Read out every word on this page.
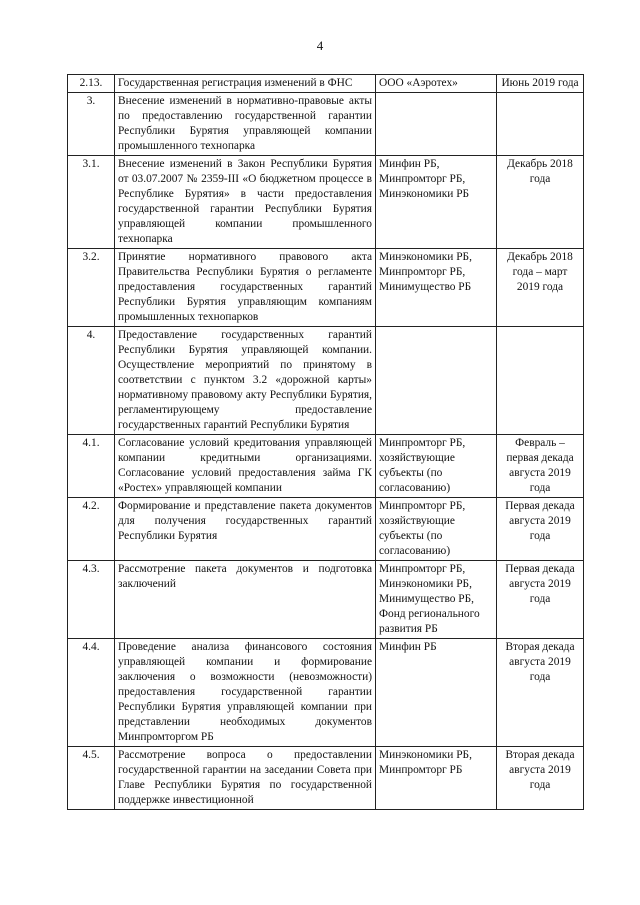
4
2.13.	Государственная регистрация изменений в ФНС	ООО «Аэротех»	Июнь 2019 года
3.	Внесение изменений в нормативно-правовые акты по предоставлению государственной гарантии Республики Бурятия управляющей компании промышленного технопарка		
3.1.	Внесение изменений в Закон Республики Бурятия от 03.07.2007 № 2359-III «О бюджетном процессе в Республике Бурятия» в части предоставления государственной гарантии Республики Бурятия управляющей компании промышленного технопарка	Минфин РБ, Минпромторг РБ, Минэкономики РБ	Декабрь 2018 года
3.2.	Принятие нормативного правового акта Правительства Республики Бурятия о регламенте предоставления государственных гарантий Республики Бурятия управляющим компаниям промышленных технопарков	Минэкономики РБ, Минпромторг РБ, Минимущество РБ	Декабрь 2018 года – март 2019 года
4.	Предоставление государственных гарантий Республики Бурятия управляющей компании. Осуществление мероприятий по принятому в соответствии с пунктом 3.2 «дорожной карты» нормативному правовому акту Республики Бурятия, регламентирующему предоставление государственных гарантий Республики Бурятия		
4.1.	Согласование условий кредитования управляющей компании кредитными организациями. Согласование условий предоставления займа ГК «Ростех» управляющей компании	Минпромторг РБ, хозяйствующие субъекты (по согласованию)	Февраль – первая декада августа 2019 года
4.2.	Формирование и представление пакета документов для получения государственных гарантий Республики Бурятия	Минпромторг РБ, хозяйствующие субъекты (по согласованию)	Первая декада августа 2019 года
4.3.	Рассмотрение пакета документов и подготовка заключений	Минпромторг РБ, Минэкономики РБ, Минимущество РБ, Фонд регионального развития РБ	Первая декада августа 2019 года
4.4.	Проведение анализа финансового состояния управляющей компании и формирование заключения о возможности (невозможности) предоставления государственной гарантии Республики Бурятия управляющей компании при представлении необходимых документов Минпромторгом РБ	Минфин РБ	Вторая декада августа 2019 года
4.5.	Рассмотрение вопроса о предоставлении государственной гарантии на заседании Совета при Главе Республики Бурятия по государственной поддержке инвестиционной	Минэкономики РБ, Минпромторг РБ	Вторая декада августа 2019 года
